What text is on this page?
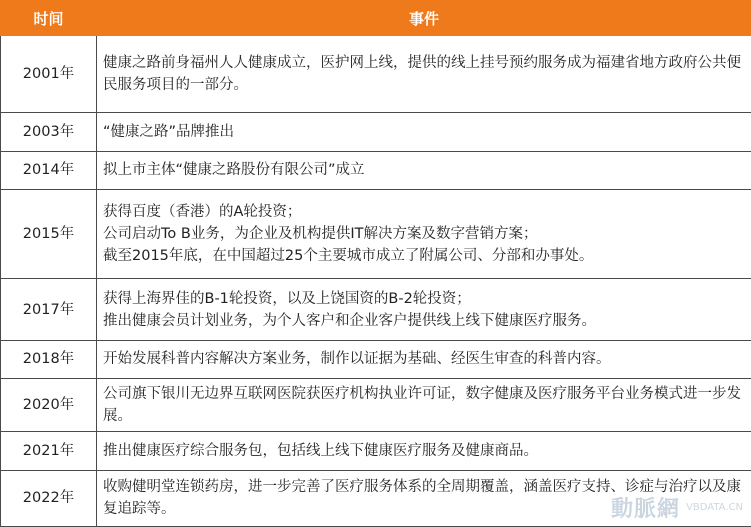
时间	事件
2001年	健康之路前身福州人人健康成立，医护网上线，提供的线上挂号预约服务成为福建省地方政府公共便民服务项目的一部分。

2003年	“健康之路”品牌推出

2014年	拟上市主体“健康之路股份有限公司”成立

2015年	获得百度（香港）的A轮投资；
公司启动To B业务，为企业及机构提供IT解决方案及数字营销方案；
截至2015年底，在中国超过25个主要城市成立了附属公司、分部和办事处。

2017年	获得上海界佳的B-1轮投资，以及上饶国资的B-2轮投资；
推出健康会员计划业务，为个人客户和企业客户提供线上线下健康医疗服务。

2018年	开始发展科普内容解决方案业务，制作以证据为基础、经医生审查的科普内容。

2020年	公司旗下银川无边界互联网医院获医疗机构执业许可证，数字健康及医疗服务平台业务模式进一步发展。

2021年	推出健康医疗综合服务包，包括线上线下健康医疗服务及健康商品。

2022年	收购健明堂连锁药房，进一步完善了医疗服务体系的全周期覆盖，涵盖医疗支持、诊症与治疗以及康复追踪等。	動脈網 VBDATA.CN
